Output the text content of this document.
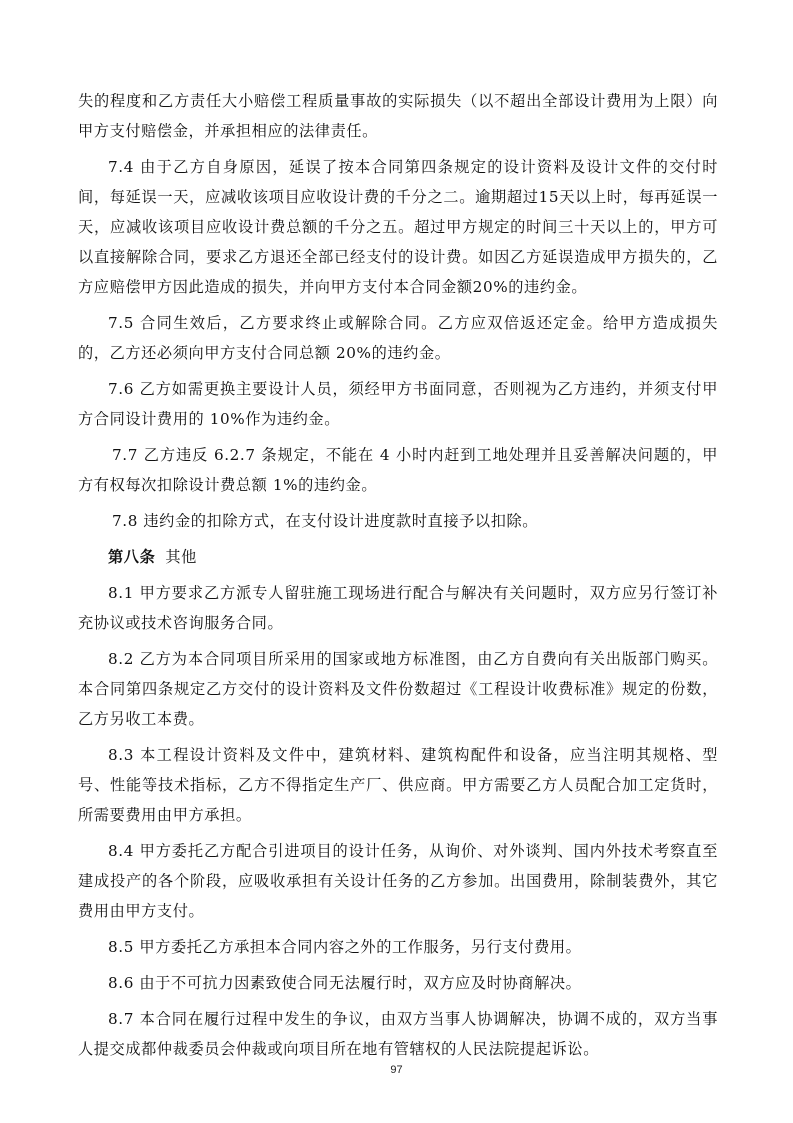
失的程度和乙方责任大小赔偿工程质量事故的实际损失（以不超出全部设计费用为上限）向甲方支付赔偿金，并承担相应的法律责任。

7.4 由于乙方自身原因，延误了按本合同第四条规定的设计资料及设计文件的交付时间，每延误一天，应减收该项目应收设计费的千分之二。逾期超过15天以上时，每再延误一天，应减收该项目应收设计费总额的千分之五。超过甲方规定的时间三十天以上的，甲方可以直接解除合同，要求乙方退还全部已经支付的设计费。如因乙方延误造成甲方损失的，乙方应赔偿甲方因此造成的损失，并向甲方支付本合同金额20%的违约金。

7.5 合同生效后，乙方要求终止或解除合同。乙方应双倍返还定金。给甲方造成损失的，乙方还必须向甲方支付合同总额 20%的违约金。

7.6 乙方如需更换主要设计人员，须经甲方书面同意，否则视为乙方违约，并须支付甲方合同设计费用的 10%作为违约金。

7.7 乙方违反 6.2.7 条规定，不能在 4 小时内赶到工地处理并且妥善解决问题的，甲方有权每次扣除设计费总额 1%的违约金。

7.8 违约金的扣除方式，在支付设计进度款时直接予以扣除。

第八条 其他

8.1 甲方要求乙方派专人留驻施工现场进行配合与解决有关问题时，双方应另行签订补充协议或技术咨询服务合同。

8.2 乙方为本合同项目所采用的国家或地方标准图，由乙方自费向有关出版部门购买。本合同第四条规定乙方交付的设计资料及文件份数超过《工程设计收费标准》规定的份数，乙方另收工本费。

8.3 本工程设计资料及文件中，建筑材料、建筑构配件和设备，应当注明其规格、型号、性能等技术指标，乙方不得指定生产厂、供应商。甲方需要乙方人员配合加工定货时，所需要费用由甲方承担。

8.4 甲方委托乙方配合引进项目的设计任务，从询价、对外谈判、国内外技术考察直至建成投产的各个阶段，应吸收承担有关设计任务的乙方参加。出国费用，除制装费外，其它费用由甲方支付。

8.5 甲方委托乙方承担本合同内容之外的工作服务，另行支付费用。

8.6 由于不可抗力因素致使合同无法履行时，双方应及时协商解决。

8.7 本合同在履行过程中发生的争议，由双方当事人协调解决，协调不成的，双方当事人提交成都仲裁委员会仲裁或向项目所在地有管辖权的人民法院提起诉讼。

97
